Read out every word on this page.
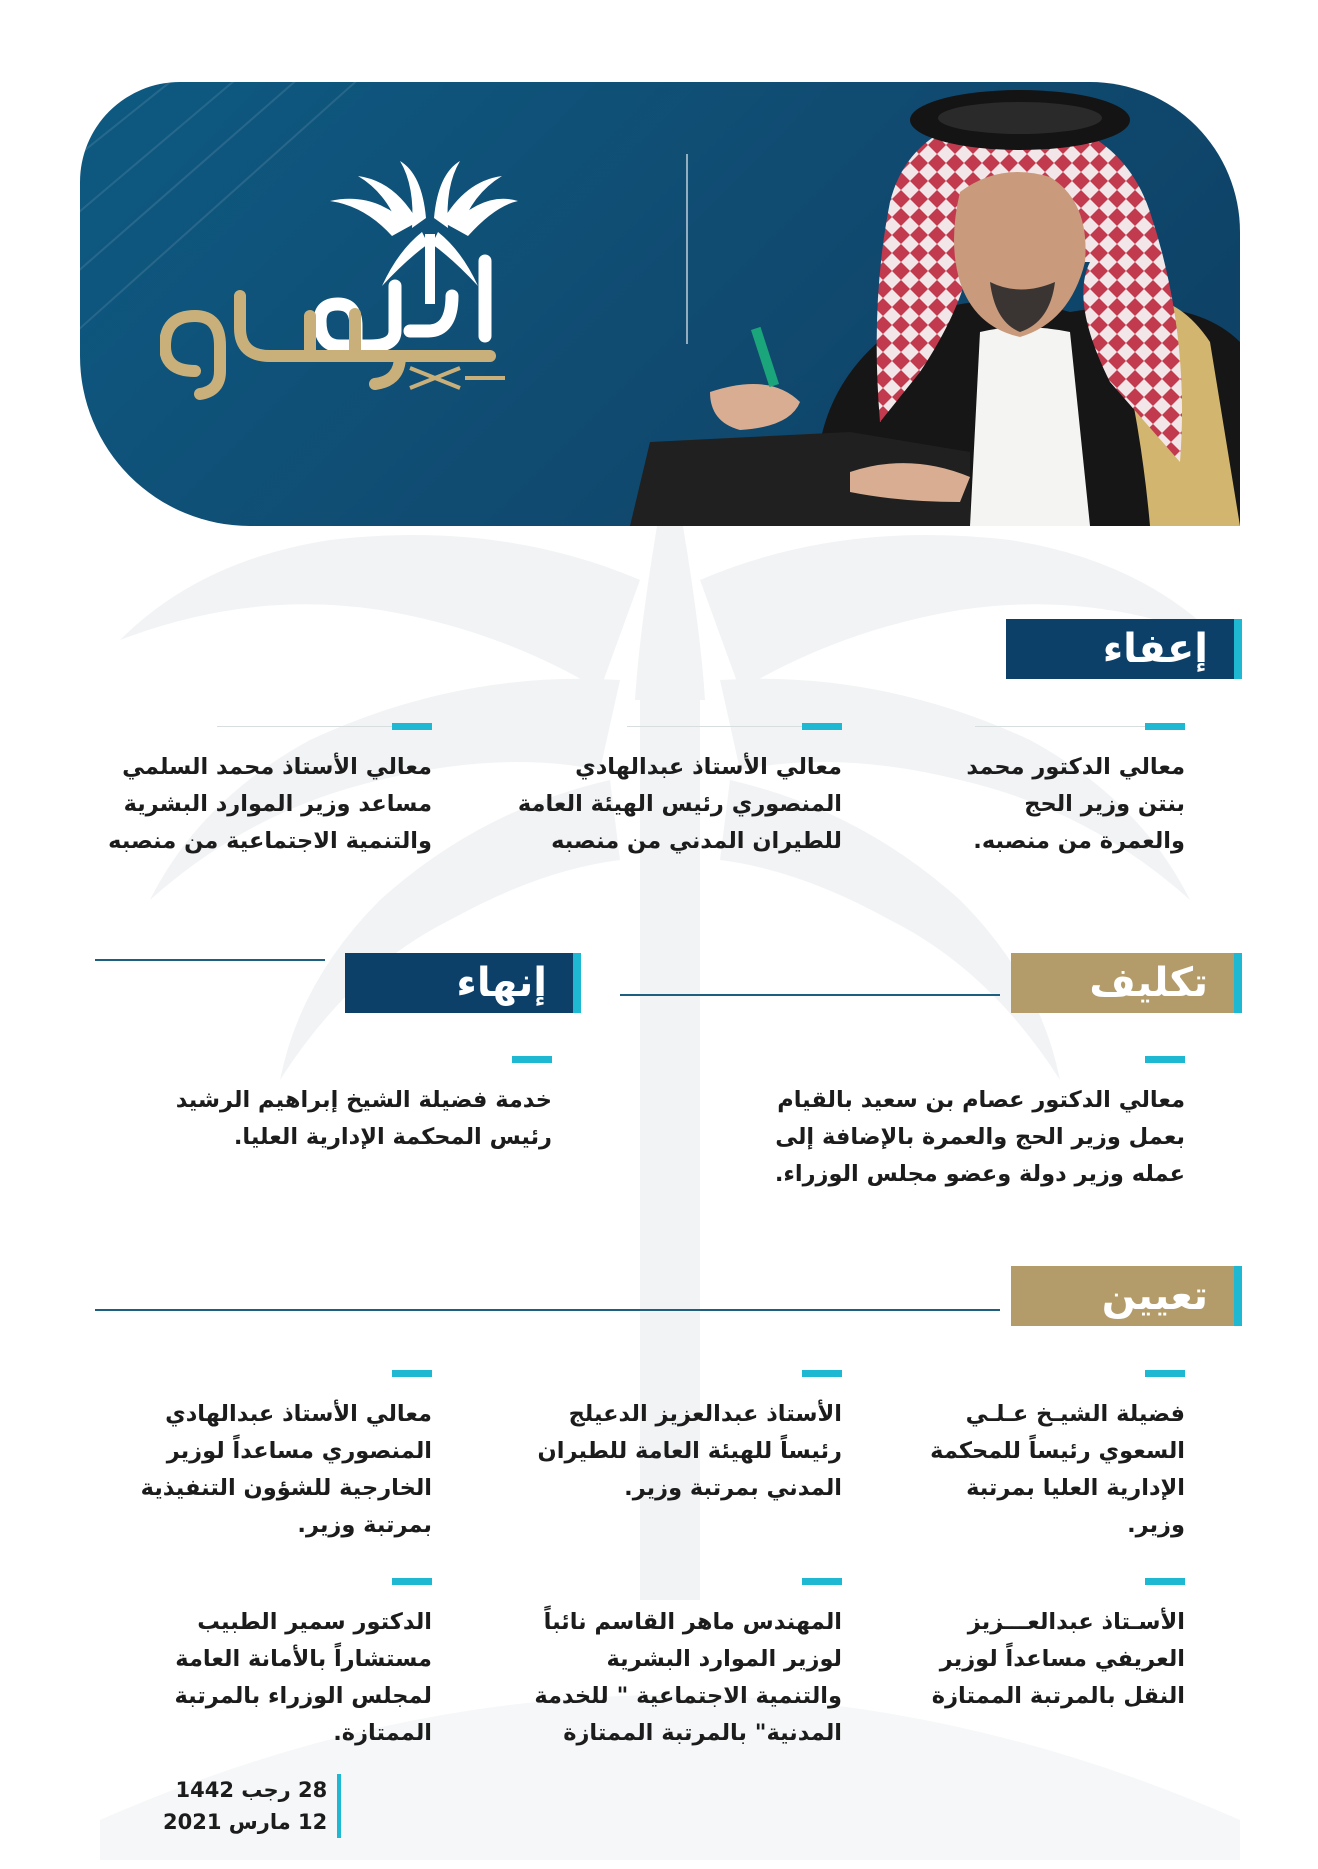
إعفاء

معالي الدكتور محمد بنتن وزير الحج والعمرة من منصبه.

معالي الأستاذ عبدالهادي المنصوري رئيس الهيئة العامة للطيران المدني من منصبه

معالي الأستاذ محمد السلمي مساعد وزير الموارد البشرية والتنمية الاجتماعية من منصبه

تكليف

معالي الدكتور عصام بن سعيد بالقيام بعمل وزير الحج والعمرة بالإضافة إلى عمله وزير دولة وعضو مجلس الوزراء.

إنهاء

خدمة فضيلة الشيخ إبراهيم الرشيد رئيس المحكمة الإدارية العليا.

تعيين

فضيلة الشيـخ عـلـي السعوي رئيساً للمحكمة الإدارية العليا بمرتبة وزير.

الأستاذ عبدالعزيز الدعيلج رئيساً للهيئة العامة للطيران المدني بمرتبة وزير.

معالي الأستاذ عبدالهادي المنصوري مساعداً لوزير الخارجية للشؤون التنفيذية بمرتبة وزير.

الأسـتاذ عبدالعـــزيز العريفي مساعداً لوزير النقل بالمرتبة الممتازة

المهندس ماهر القاسم نائباً لوزير الموارد البشرية والتنمية الاجتماعية " للخدمة المدنية" بالمرتبة الممتازة

الدكتور سمير الطبيب مستشاراً بالأمانة العامة لمجلس الوزراء بالمرتبة الممتازة.

28 رجب 1442

12 مارس 2021
